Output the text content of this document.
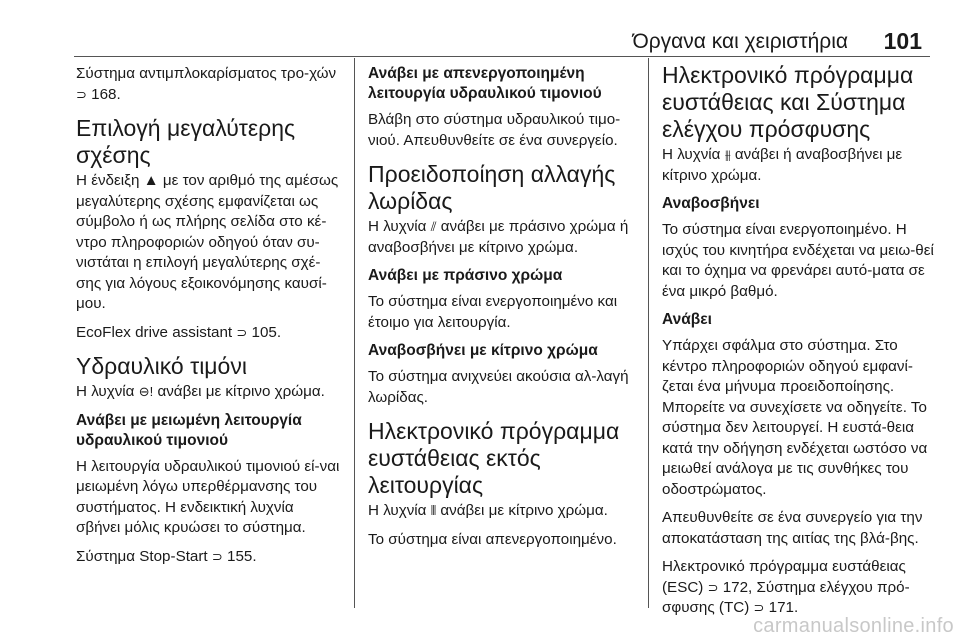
Όργανα και χειριστήρια 101

Σύστημα αντιμπλοκαρίσματος τρο-χών ⊃ 168.

Επιλογή μεγαλύτερης σχέσης

Η ένδειξη ▲ με τον αριθμό της αμέσως μεγαλύτερης σχέσης εμφανίζεται ως σύμβολο ή ως πλήρης σελίδα στο κέ-ντρο πληροφοριών οδηγού όταν συ-νιστάται η επιλογή μεγαλύτερης σχέ-σης για λόγους εξοικονόμησης καυσί-μου.

EcoFlex drive assistant ⊃ 105.

Υδραυλικό τιμόνι

Η λυχνία ⊖! ανάβει με κίτρινο χρώμα.

Ανάβει με μειωμένη λειτουργία υδραυλικού τιμονιού

Η λειτουργία υδραυλικού τιμονιού εί-ναι μειωμένη λόγω υπερθέρμανσης του συστήματος. Η ενδεικτική λυχνία σβήνει μόλις κρυώσει το σύστημα.

Σύστημα Stop-Start ⊃ 155.

Ανάβει με απενεργοποιημένη λειτουργία υδραυλικού τιμονιού

Βλάβη στο σύστημα υδραυλικού τιμο-νιού. Απευθυνθείτε σε ένα συνεργείο.

Προειδοποίηση αλλαγής λωρίδας

Η λυχνία ⫽ ανάβει με πράσινο χρώμα ή αναβοσβήνει με κίτρινο χρώμα.

Ανάβει με πράσινο χρώμα

Το σύστημα είναι ενεργοποιημένο και έτοιμο για λειτουργία.

Αναβοσβήνει με κίτρινο χρώμα

Το σύστημα ανιχνεύει ακούσια αλ-λαγή λωρίδας.

Ηλεκτρονικό πρόγραμμα ευστάθειας εκτός λειτουργίας

Η λυχνία ⫴ ανάβει με κίτρινο χρώμα.

Το σύστημα είναι απενεργοποιημένο.

Ηλεκτρονικό πρόγραμμα ευστάθειας και Σύστημα ελέγχου πρόσφυσης

Η λυχνία ⫵ ανάβει ή αναβοσβήνει με κίτρινο χρώμα.

Αναβοσβήνει

Το σύστημα είναι ενεργοποιημένο. Η ισχύς του κινητήρα ενδέχεται να μειω-θεί και το όχημα να φρενάρει αυτό-ματα σε ένα μικρό βαθμό.

Ανάβει

Υπάρχει σφάλμα στο σύστημα. Στο κέντρο πληροφοριών οδηγού εμφανί-ζεται ένα μήνυμα προειδοποίησης. Μπορείτε να συνεχίσετε να οδηγείτε. Το σύστημα δεν λειτουργεί. Η ευστά-θεια κατά την οδήγηση ενδέχεται ωστόσο να μειωθεί ανάλογα με τις συνθήκες του οδοστρώματος.

Απευθυνθείτε σε ένα συνεργείο για την αποκατάσταση της αιτίας της βλά-βης.

Ηλεκτρονικό πρόγραμμα ευστάθειας (ESC) ⊃ 172, Σύστημα ελέγχου πρό-σφυσης (TC) ⊃ 171.

carmanualsonline.info
